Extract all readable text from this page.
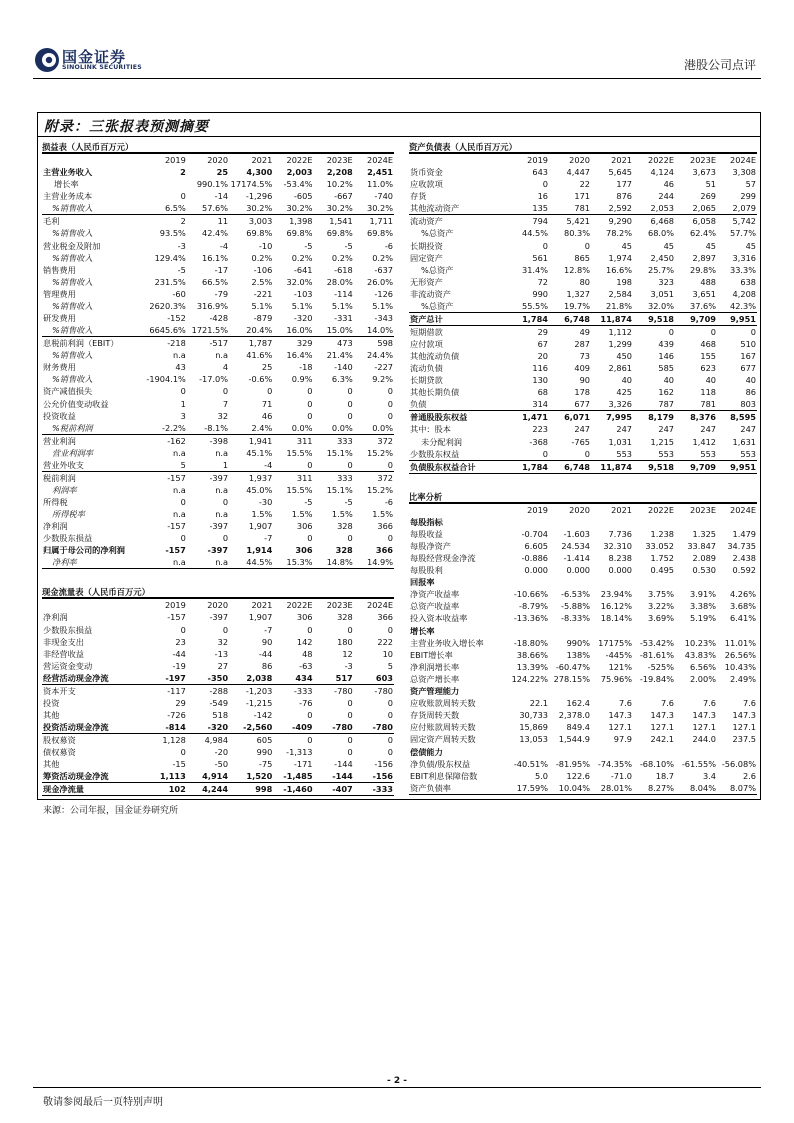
国金证券
SINOLINK SECURITIES	港股公司点评
附录：三张报表预测摘要
损益表（人民币百万元）
	2019	2020	2021	2022E	2023E	2024E
主营业务收入	2	25	4,300	2,003	2,208	2,451
增长率		990.1%	17174.5%	-53.4%	10.2%	11.0%
主营业务成本	0	-14	-1,296	-605	-667	-740
%销售收入	6.5%	57.6%	30.2%	30.2%	30.2%	30.2%
毛利	2	11	3,003	1,398	1,541	1,711
%销售收入	93.5%	42.4%	69.8%	69.8%	69.8%	69.8%
营业税金及附加	-3	-4	-10	-5	-5	-6
%销售收入	129.4%	16.1%	0.2%	0.2%	0.2%	0.2%
销售费用	-5	-17	-106	-641	-618	-637
%销售收入	231.5%	66.5%	2.5%	32.0%	28.0%	26.0%
管理费用	-60	-79	-221	-103	-114	-126
%销售收入	2620.3%	316.9%	5.1%	5.1%	5.1%	5.1%
研发费用	-152	-428	-879	-320	-331	-343
%销售收入	6645.6%	1721.5%	20.4%	16.0%	15.0%	14.0%
息税前利润（EBIT）	-218	-517	1,787	329	473	598
%销售收入	n.a	n.a	41.6%	16.4%	21.4%	24.4%
财务费用	43	4	25	-18	-140	-227
%销售收入	-1904.1%	-17.0%	-0.6%	0.9%	6.3%	9.2%
资产减值损失	0	0	0	0	0	0
公允价值变动收益	1	7	71	0	0	0
投资收益	3	32	46	0	0	0
%税前利润	-2.2%	-8.1%	2.4%	0.0%	0.0%	0.0%
营业利润	-162	-398	1,941	311	333	372
营业利润率	n.a	n.a	45.1%	15.5%	15.1%	15.2%
营业外收支	5	1	-4	0	0	0
税前利润	-157	-397	1,937	311	333	372
利润率	n.a	n.a	45.0%	15.5%	15.1%	15.2%
所得税	0	0	-30	-5	-5	-6
所得税率	n.a	n.a	1.5%	1.5%	1.5%	1.5%
净利润	-157	-397	1,907	306	328	366
少数股东损益	0	0	-7	0	0	0
归属于母公司的净利润	-157	-397	1,914	306	328	366
净利率	n.a	n.a	44.5%	15.3%	14.8%	14.9%
现金流量表（人民币百万元）
	2019	2020	2021	2022E	2023E	2024E
净利润	-157	-397	1,907	306	328	366
少数股东损益	0	0	-7	0	0	0
非现金支出	23	32	90	142	180	222
非经营收益	-44	-13	-44	48	12	10
营运资金变动	-19	27	86	-63	-3	5
经营活动现金净流	-197	-350	2,038	434	517	603
资本开支	-117	-288	-1,203	-333	-780	-780
投资	29	-549	-1,215	-76	0	0
其他	-726	518	-142	0	0	0
投资活动现金净流	-814	-320	-2,560	-409	-780	-780
股权募资	1,128	4,984	605	0	0	0
债权募资	0	-20	990	-1,313	0	0
其他	-15	-50	-75	-171	-144	-156
筹资活动现金净流	1,113	4,914	1,520	-1,485	-144	-156
现金净流量	102	4,244	998	-1,460	-407	-333
资产负债表（人民币百万元）
	2019	2020	2021	2022E	2023E	2024E
货币资金	643	4,447	5,645	4,124	3,673	3,308
应收款项	0	22	177	46	51	57
存货	16	171	876	244	269	299
其他流动资产	135	781	2,592	2,053	2,065	2,079
流动资产	794	5,421	9,290	6,468	6,058	5,742
%总资产	44.5%	80.3%	78.2%	68.0%	62.4%	57.7%
长期投资	0	0	45	45	45	45
固定资产	561	865	1,974	2,450	2,897	3,316
%总资产	31.4%	12.8%	16.6%	25.7%	29.8%	33.3%
无形资产	72	80	198	323	488	638
非流动资产	990	1,327	2,584	3,051	3,651	4,208
%总资产	55.5%	19.7%	21.8%	32.0%	37.6%	42.3%
资产总计	1,784	6,748	11,874	9,518	9,709	9,951
短期借款	29	49	1,112	0	0	0
应付款项	67	287	1,299	439	468	510
其他流动负债	20	73	450	146	155	167
流动负债	116	409	2,861	585	623	677
长期贷款	130	90	40	40	40	40
其他长期负债	68	178	425	162	118	86
负债	314	677	3,326	787	781	803
普通股股东权益	1,471	6,071	7,995	8,179	8,376	8,595
其中：股本	223	247	247	247	247	247
未分配利润	-368	-765	1,031	1,215	1,412	1,631
少数股东权益	0	0	553	553	553	553
负债股东权益合计	1,784	6,748	11,874	9,518	9,709	9,951
比率分析
	2019	2020	2021	2022E	2023E	2024E
每股指标						
每股收益	-0.704	-1.603	7.736	1.238	1.325	1.479
每股净资产	6.605	24.534	32.310	33.052	33.847	34.735
每股经营现金净流	-0.886	-1.414	8.238	1.752	2.089	2.438
每股股利	0.000	0.000	0.000	0.495	0.530	0.592
回报率						
净资产收益率	-10.66%	-6.53%	23.94%	3.75%	3.91%	4.26%
总资产收益率	-8.79%	-5.88%	16.12%	3.22%	3.38%	3.68%
投入资本收益率	-13.36%	-8.33%	18.14%	3.69%	5.19%	6.41%
增长率						
主营业务收入增长率	-18.80%	990%	17175%	-53.42%	10.23%	11.01%
EBIT增长率	38.66%	138%	-445%	-81.61%	43.83%	26.56%
净利润增长率	13.39%	-60.47%	121%	-525%	6.56%	10.43%
总资产增长率	124.22%	278.15%	75.96%	-19.84%	2.00%	2.49%
资产管理能力						
应收账款周转天数	22.1	162.4	7.6	7.6	7.6	7.6
存货周转天数	30,733	2,378.0	147.3	147.3	147.3	147.3
应付账款周转天数	15,869	849.4	127.1	127.1	127.1	127.1
固定资产周转天数	13,053	1,544.9	97.9	242.1	244.0	237.5
偿债能力						
净负债/股东权益	-40.51%	-81.95%	-74.35%	-68.10%	-61.55%	-56.08%
EBIT利息保障倍数	5.0	122.6	-71.0	18.7	3.4	2.6
资产负债率	17.59%	10.04%	28.01%	8.27%	8.04%	8.07%
来源：公司年报，国金证券研究所
- 2 -
敬请参阅最后一页特别声明
